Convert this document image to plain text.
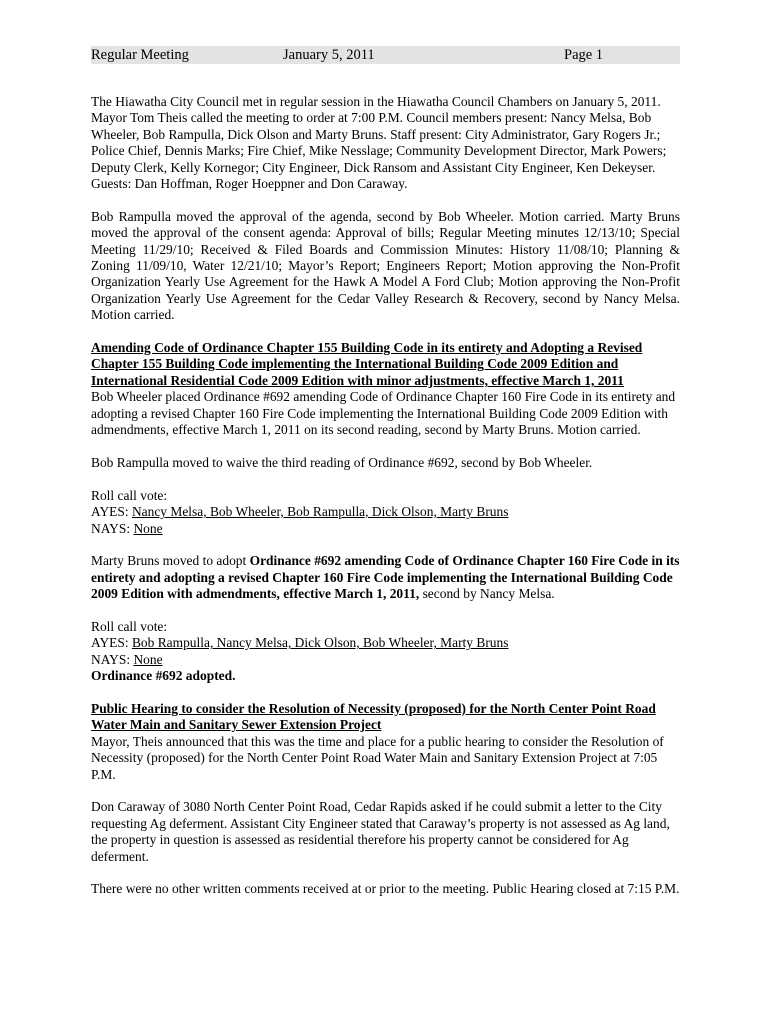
Regular Meeting	January 5, 2011	Page 1

The Hiawatha City Council met in regular session in the Hiawatha Council Chambers on January 5, 2011. Mayor Tom Theis called the meeting to order at 7:00 P.M. Council members present: Nancy Melsa, Bob Wheeler, Bob Rampulla, Dick Olson and Marty Bruns. Staff present: City Administrator, Gary Rogers Jr.; Police Chief, Dennis Marks; Fire Chief, Mike Nesslage; Community Development Director, Mark Powers; Deputy Clerk, Kelly Kornegor; City Engineer, Dick Ransom and Assistant City Engineer, Ken Dekeyser. Guests: Dan Hoffman, Roger Hoeppner and Don Caraway.

Bob Rampulla moved the approval of the agenda, second by Bob Wheeler. Motion carried. Marty Bruns moved the approval of the consent agenda: Approval of bills; Regular Meeting minutes 12/13/10; Special Meeting 11/29/10; Received & Filed Boards and Commission Minutes: History 11/08/10; Planning & Zoning 11/09/10, Water 12/21/10; Mayor’s Report; Engineers Report; Motion approving the Non-Profit Organization Yearly Use Agreement for the Hawk A Model A Ford Club; Motion approving the Non-Profit Organization Yearly Use Agreement for the Cedar Valley Research & Recovery, second by Nancy Melsa. Motion carried.

Amending Code of Ordinance Chapter 155 Building Code in its entirety and Adopting a Revised Chapter 155 Building Code implementing the International Building Code 2009 Edition and International Residential Code 2009 Edition with minor adjustments, effective March 1, 2011
Bob Wheeler placed Ordinance #692 amending Code of Ordinance Chapter 160 Fire Code in its entirety and adopting a revised Chapter 160 Fire Code implementing the International Building Code 2009 Edition with admendments, effective March 1, 2011 on its second reading, second by Marty Bruns. Motion carried.

Bob Rampulla moved to waive the third reading of Ordinance #692, second by Bob Wheeler.

Roll call vote:
AYES: Nancy Melsa, Bob Wheeler, Bob Rampulla, Dick Olson, Marty Bruns
NAYS: None

Marty Bruns moved to adopt Ordinance #692 amending Code of Ordinance Chapter 160 Fire Code in its entirety and adopting a revised Chapter 160 Fire Code implementing the International Building Code 2009 Edition with admendments, effective March 1, 2011, second by Nancy Melsa.

Roll call vote:
AYES: Bob Rampulla, Nancy Melsa, Dick Olson, Bob Wheeler, Marty Bruns
NAYS: None
Ordinance #692 adopted.

Public Hearing to consider the Resolution of Necessity (proposed) for the North Center Point Road Water Main and Sanitary Sewer Extension Project
Mayor, Theis announced that this was the time and place for a public hearing to consider the Resolution of Necessity (proposed) for the North Center Point Road Water Main and Sanitary Extension Project at 7:05 P.M.

Don Caraway of 3080 North Center Point Road, Cedar Rapids asked if he could submit a letter to the City requesting Ag deferment. Assistant City Engineer stated that Caraway’s property is not assessed as Ag land, the property in question is assessed as residential therefore his property cannot be considered for Ag deferment.

There were no other written comments received at or prior to the meeting. Public Hearing closed at 7:15 P.M.
